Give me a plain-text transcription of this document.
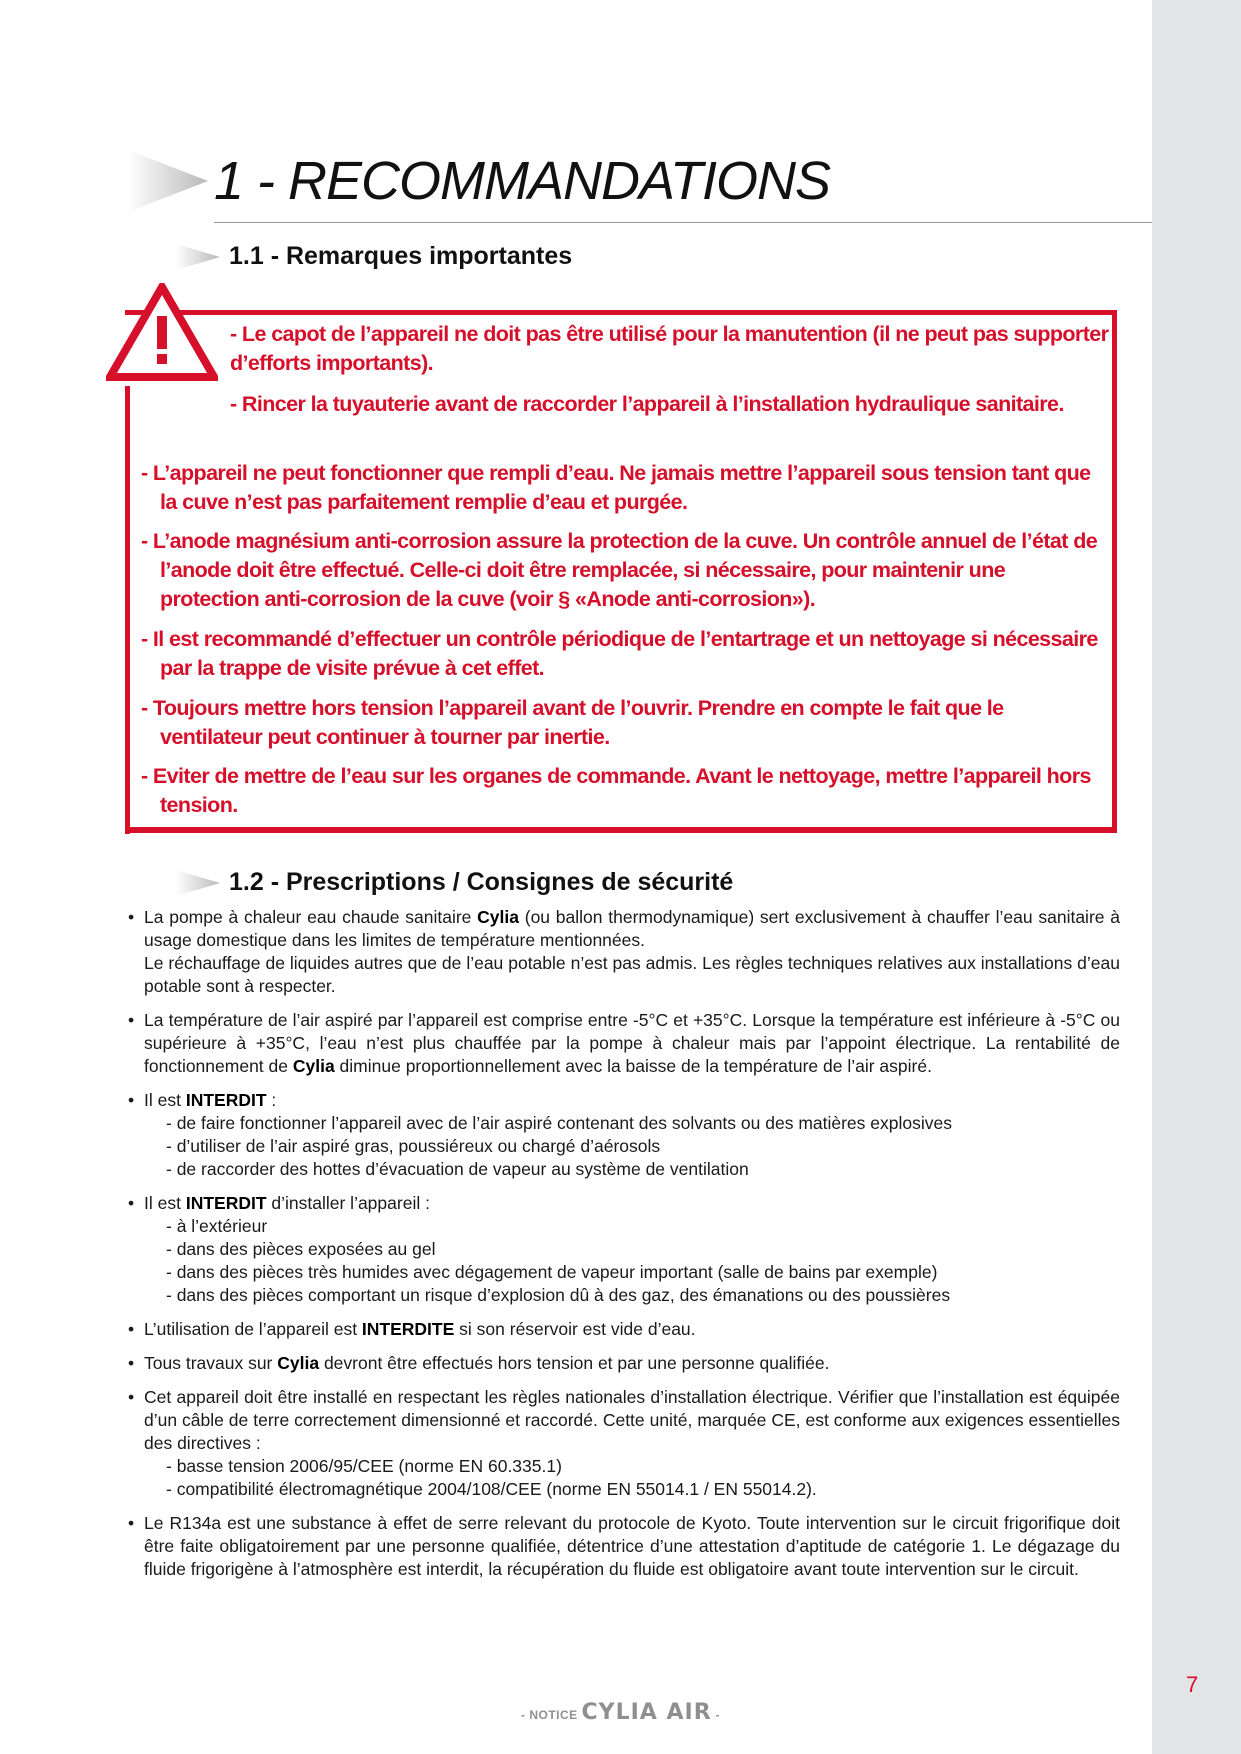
1 - RECOMMANDATIONS
1.1 - Remarques importantes

- Le capot de l’appareil ne doit pas être utilisé pour la manutention (il ne peut pas supporter d’efforts importants).

- Rincer la tuyauterie avant de raccorder l’appareil à l’installation hydraulique sanitaire.

- L’appareil ne peut fonctionner que rempli d’eau. Ne jamais mettre l’appareil sous tension tant que la cuve n’est pas parfaitement remplie d’eau et purgée.

- L’anode magnésium anti-corrosion assure la protection de la cuve. Un contrôle annuel de l’état de l’anode doit être effectué. Celle-ci doit être remplacée, si nécessaire, pour maintenir une protection anti-corrosion de la cuve (voir § «Anode anti-corrosion»).

- Il est recommandé d’effectuer un contrôle périodique de l’entartrage et un nettoyage si nécessaire par la trappe de visite prévue à cet effet.

- Toujours mettre hors tension l’appareil avant de l’ouvrir. Prendre en compte le fait que le ventilateur peut continuer à tourner par inertie.

- Eviter de mettre de l’eau sur les organes de commande. Avant le nettoyage, mettre l’appareil hors tension.

1.2 - Prescriptions / Consignes de sécurité
• La pompe à chaleur eau chaude sanitaire Cylia (ou ballon thermodynamique) sert exclusivement à chauffer l’eau sanitaire à usage domestique dans les limites de température mentionnées.
Le réchauffage de liquides autres que de l’eau potable n’est pas admis. Les règles techniques relatives aux installations d’eau potable sont à respecter.
• La température de l’air aspiré par l’appareil est comprise entre -5°C et +35°C. Lorsque la température est inférieure à -5°C ou supérieure à +35°C, l’eau n’est plus chauffée par la pompe à chaleur mais par l’appoint électrique. La rentabilité de fonctionnement de Cylia diminue proportionnellement avec la baisse de la température de l’air aspiré.
• Il est INTERDIT :
- de faire fonctionner l’appareil avec de l’air aspiré contenant des solvants ou des matières explosives
- d’utiliser de l’air aspiré gras, poussiéreux ou chargé d’aérosols
- de raccorder des hottes d’évacuation de vapeur au système de ventilation
• Il est INTERDIT d’installer l’appareil :
- à l’extérieur
- dans des pièces exposées au gel
- dans des pièces très humides avec dégagement de vapeur important (salle de bains par exemple)
- dans des pièces comportant un risque d’explosion dû à des gaz, des émanations ou des poussières
• L’utilisation de l’appareil est INTERDITE si son réservoir est vide d’eau.
• Tous travaux sur Cylia devront être effectués hors tension et par une personne qualifiée.
• Cet appareil doit être installé en respectant les règles nationales d’installation électrique. Vérifier que l’installation est équipée d’un câble de terre correctement dimensionné et raccordé. Cette unité, marquée CE, est conforme aux exigences essentielles des directives :
- basse tension 2006/95/CEE (norme EN 60.335.1)
- compatibilité électromagnétique 2004/108/CEE (norme EN 55014.1 / EN 55014.2).
• Le R134a est une substance à effet de serre relevant du protocole de Kyoto. Toute intervention sur le circuit frigorifique doit être faite obligatoirement par une personne qualifiée, détentrice d’une attestation d’aptitude de catégorie 1. Le dégazage du fluide frigorigène à l’atmosphère est interdit, la récupération du fluide est obligatoire avant toute intervention sur le circuit.
7
- NOTICE CYLIA AIR -
